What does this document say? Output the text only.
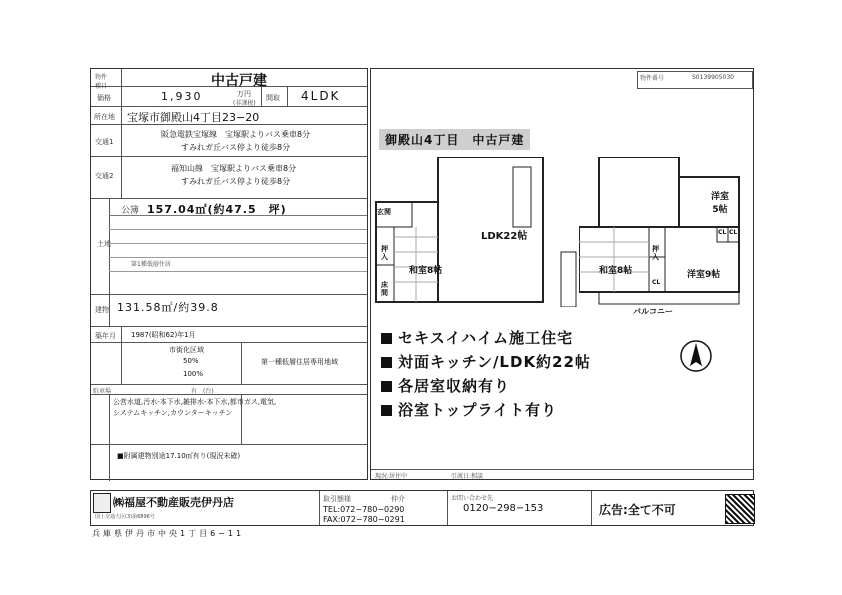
物件
種目	中古戸建
価格	1,930	万円
(非課税)
間取 4LDK
所在地 宝塚市御殿山4丁目23−20
交通1
阪急電鉄宝塚線　宝塚駅よりバス乗車8分
すみれガ丘バス停より徒歩8分
交通2
福知山線　宝塚駅よりバス乗車8分
すみれガ丘バス停より徒歩8分
土地
公簿 157.04㎡(約47.5　坪)
第1種低層住居
建物 131.58㎡/約39.8
築年月 1987(昭和62)年1月
市街化区域
50%
100%
第一種低層住居専用地域
駐車場	有　(台)
公営水道,汚水-本下水,雑排水-本下水,都市ガス,電気,システムキッチン,カウンターキッチン
■附属建物別途17.10㎡有り(現況未確)
物件番号	S0139905030
御殿山4丁目　中古戸建
玄関
LDK22帖
和室8帖
押入
床間
洋室
5帖
和室8帖	洋室9帖
押入
CL CL
CL
バルコニー
セキスイハイム施工住宅
対面キッチン/LDK約22帖
各居室収納有り
浴室トップライト有り
現況:居住中	引渡日:相談
㈱福屋不動産販売伊丹店
国土交通大臣(3)第6896号
取引態様	仲介
TEL:072−780−0290
FAX:072−780−0291
お問い合わせ先
0120−298−153	広告:全て不可
兵庫県伊丹市中央1丁目6−11
